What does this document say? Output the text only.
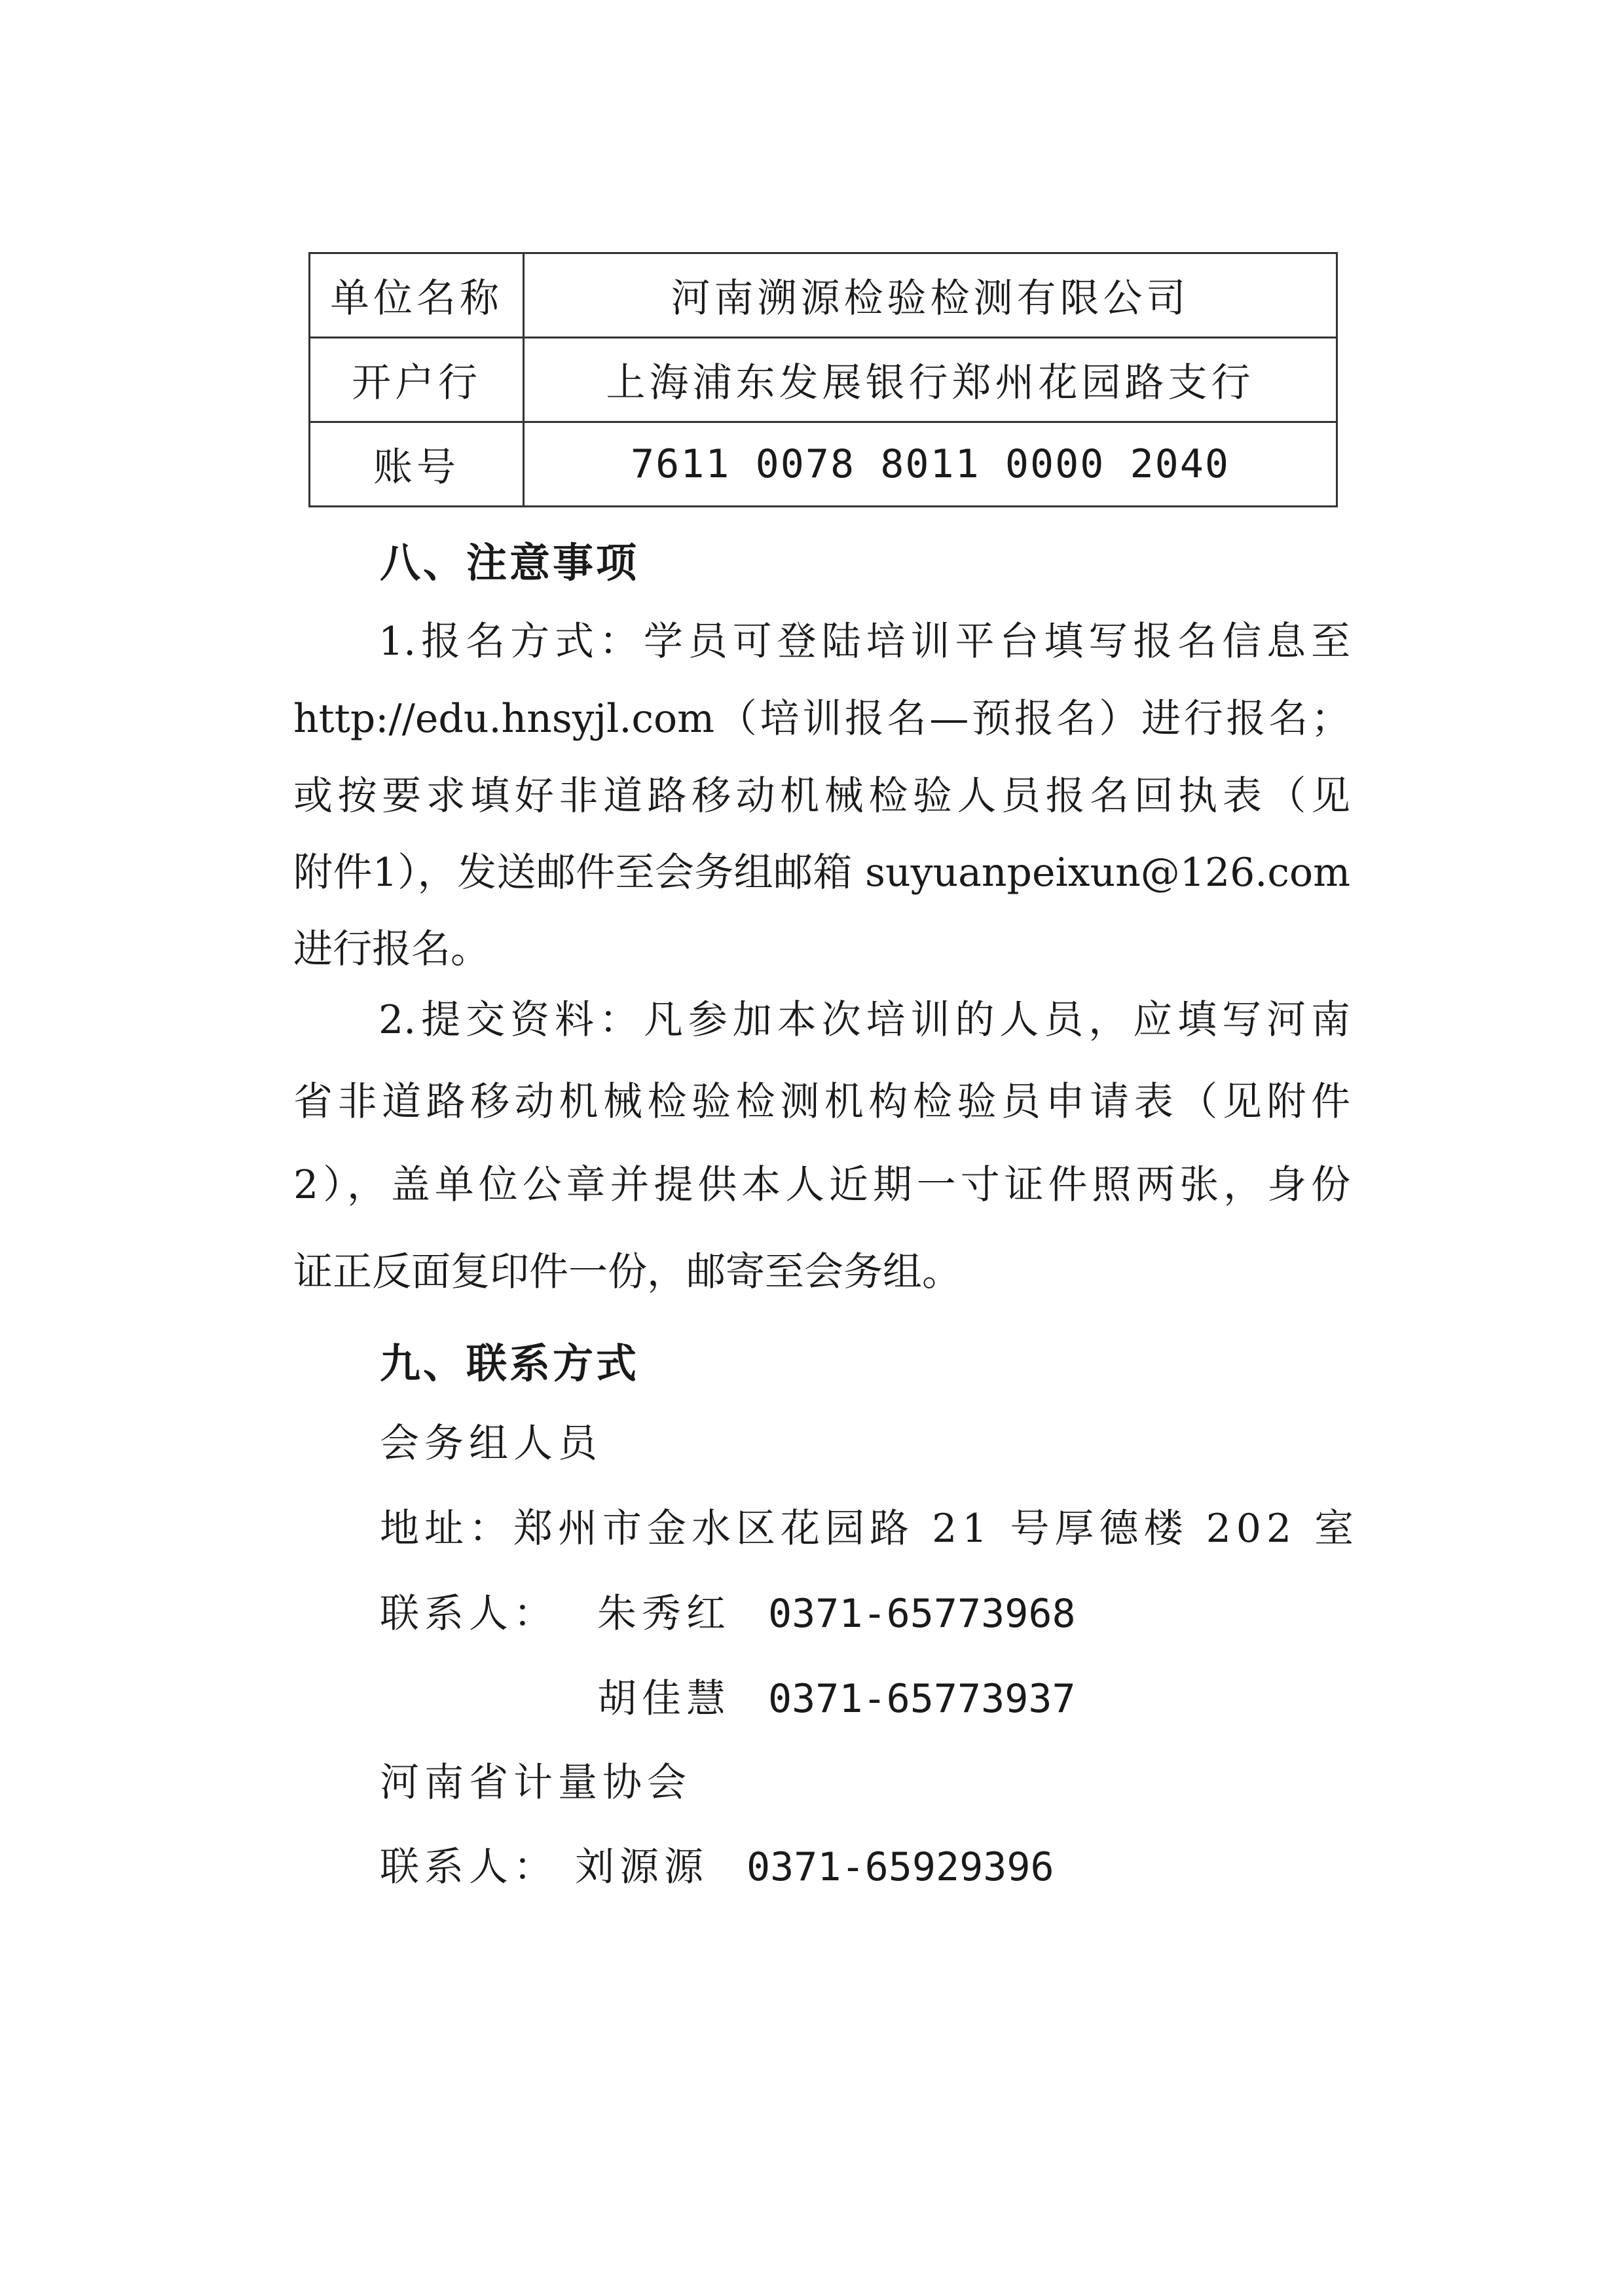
单位名称	河南溯源检验检测有限公司
开户行	上海浦东发展银行郑州花园路支行
账号	7611 0078 8011 0000 2040
八、注意事项
1.报名方式：学员可登陆培训平台填写报名信息至
http://edu.hnsyjl.com（培训报名—预报名）进行报名；
或按要求填好非道路移动机械检验人员报名回执表（见
附件1），发送邮件至会务组邮箱 suyuanpeixun@126.com
进行报名。
2.提交资料：凡参加本次培训的人员，应填写河南
省非道路移动机械检验检测机构检验员申请表（见附件
2），盖单位公章并提供本人近期一寸证件照两张，身份
证正反面复印件一份，邮寄至会务组。
九、联系方式
会务组人员
地址：郑州市金水区花园路 21 号厚德楼 202 室
联系人： 朱秀红 0371-65773968
胡佳慧 0371-65773937
河南省计量协会
联系人： 刘源源 0371-65929396
